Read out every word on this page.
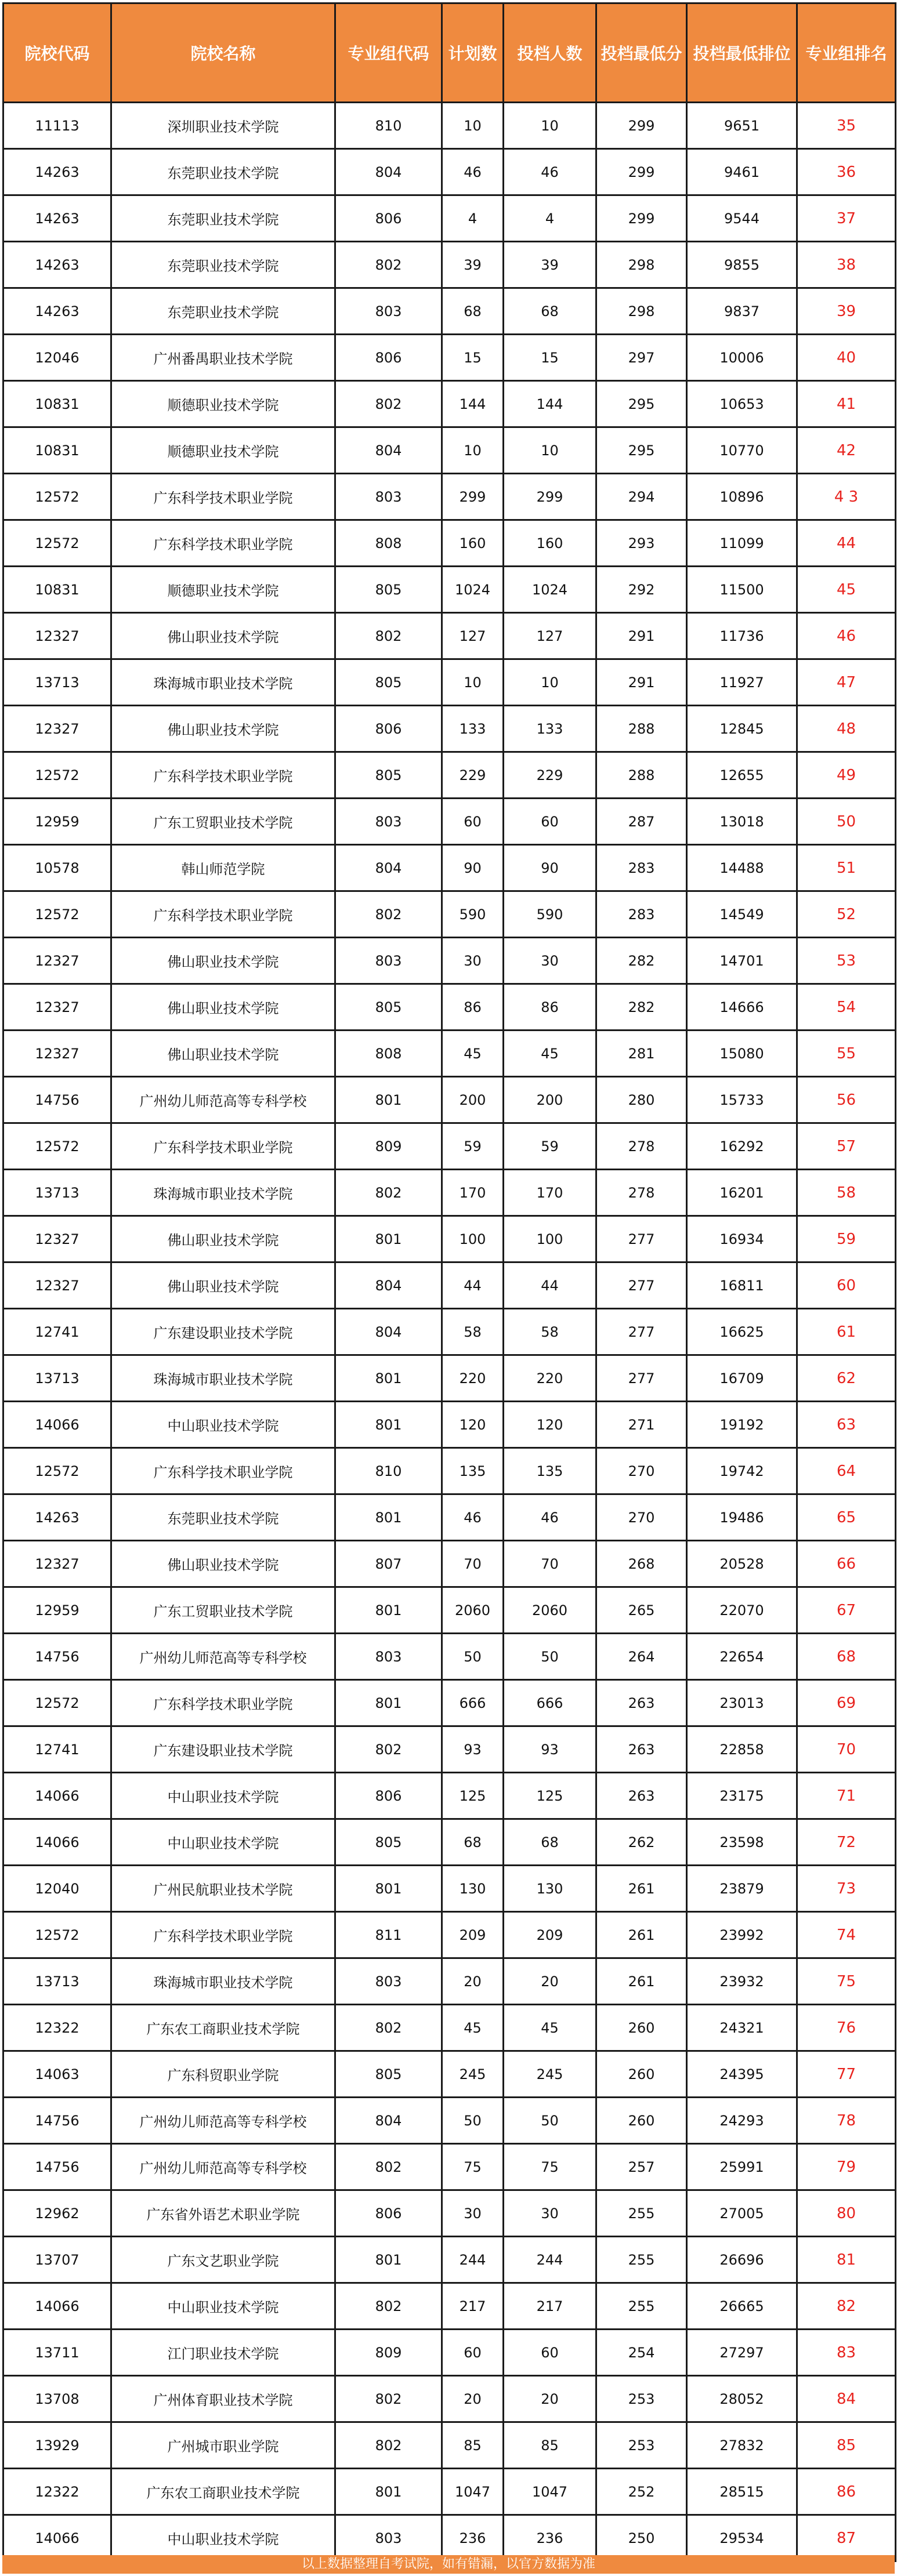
院校代码	院校名称	专业组代码	计划数	投档人数	投档最低分	投档最低排位	专业组排名
11113	深圳职业技术学院	810	10	10	299	9651	35
14263	东莞职业技术学院	804	46	46	299	9461	36
14263	东莞职业技术学院	806	4	4	299	9544	37
14263	东莞职业技术学院	802	39	39	298	9855	38
14263	东莞职业技术学院	803	68	68	298	9837	39
12046	广州番禺职业技术学院	806	15	15	297	10006	40
10831	顺德职业技术学院	802	144	144	295	10653	41
10831	顺德职业技术学院	804	10	10	295	10770	42
12572	广东科学技术职业学院	803	299	299	294	10896	4 3
12572	广东科学技术职业学院	808	160	160	293	11099	44
10831	顺德职业技术学院	805	1024	1024	292	11500	45
12327	佛山职业技术学院	802	127	127	291	11736	46
13713	珠海城市职业技术学院	805	10	10	291	11927	47
12327	佛山职业技术学院	806	133	133	288	12845	48
12572	广东科学技术职业学院	805	229	229	288	12655	49
12959	广东工贸职业技术学院	803	60	60	287	13018	50
10578	韩山师范学院	804	90	90	283	14488	51
12572	广东科学技术职业学院	802	590	590	283	14549	52
12327	佛山职业技术学院	803	30	30	282	14701	53
12327	佛山职业技术学院	805	86	86	282	14666	54
12327	佛山职业技术学院	808	45	45	281	15080	55
14756	广州幼儿师范高等专科学校	801	200	200	280	15733	56
12572	广东科学技术职业学院	809	59	59	278	16292	57
13713	珠海城市职业技术学院	802	170	170	278	16201	58
12327	佛山职业技术学院	801	100	100	277	16934	59
12327	佛山职业技术学院	804	44	44	277	16811	60
12741	广东建设职业技术学院	804	58	58	277	16625	61
13713	珠海城市职业技术学院	801	220	220	277	16709	62
14066	中山职业技术学院	801	120	120	271	19192	63
12572	广东科学技术职业学院	810	135	135	270	19742	64
14263	东莞职业技术学院	801	46	46	270	19486	65
12327	佛山职业技术学院	807	70	70	268	20528	66
12959	广东工贸职业技术学院	801	2060	2060	265	22070	67
14756	广州幼儿师范高等专科学校	803	50	50	264	22654	68
12572	广东科学技术职业学院	801	666	666	263	23013	69
12741	广东建设职业技术学院	802	93	93	263	22858	70
14066	中山职业技术学院	806	125	125	263	23175	71
14066	中山职业技术学院	805	68	68	262	23598	72
12040	广州民航职业技术学院	801	130	130	261	23879	73
12572	广东科学技术职业学院	811	209	209	261	23992	74
13713	珠海城市职业技术学院	803	20	20	261	23932	75
12322	广东农工商职业技术学院	802	45	45	260	24321	76
14063	广东科贸职业学院	805	245	245	260	24395	77
14756	广州幼儿师范高等专科学校	804	50	50	260	24293	78
14756	广州幼儿师范高等专科学校	802	75	75	257	25991	79
12962	广东省外语艺术职业学院	806	30	30	255	27005	80
13707	广东文艺职业学院	801	244	244	255	26696	81
14066	中山职业技术学院	802	217	217	255	26665	82
13711	江门职业技术学院	809	60	60	254	27297	83
13708	广州体育职业技术学院	802	20	20	253	28052	84
13929	广州城市职业学院	802	85	85	253	27832	85
12322	广东农工商职业技术学院	801	1047	1047	252	28515	86
14066	中山职业技术学院	803	236	236	250	29534	87
以上数据整理自考试院，如有错漏，以官方数据为准
